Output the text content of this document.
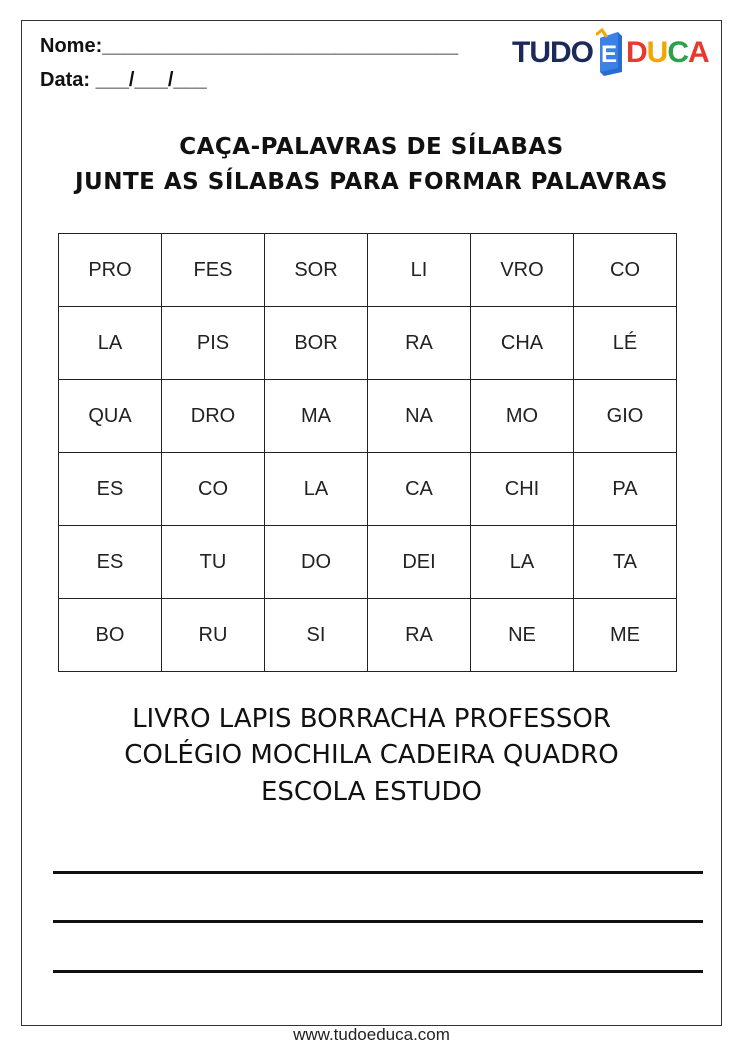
Nome:________________________________
Data: ___/___/___
TUDO E DUCA
CAÇA-PALAVRAS DE SÍLABAS
JUNTE AS SÍLABAS PARA FORMAR PALAVRAS
PRO	FES	SOR	LI	VRO	CO
LA	PIS	BOR	RA	CHA	LÉ
QUA	DRO	MA	NA	MO	GIO
ES	CO	LA	CA	CHI	PA
ES	TU	DO	DEI	LA	TA
BO	RU	SI	RA	NE	ME
LIVRO LAPIS BORRACHA PROFESSOR
COLÉGIO MOCHILA CADEIRA QUADRO
ESCOLA ESTUDO
www.tudoeduca.com
